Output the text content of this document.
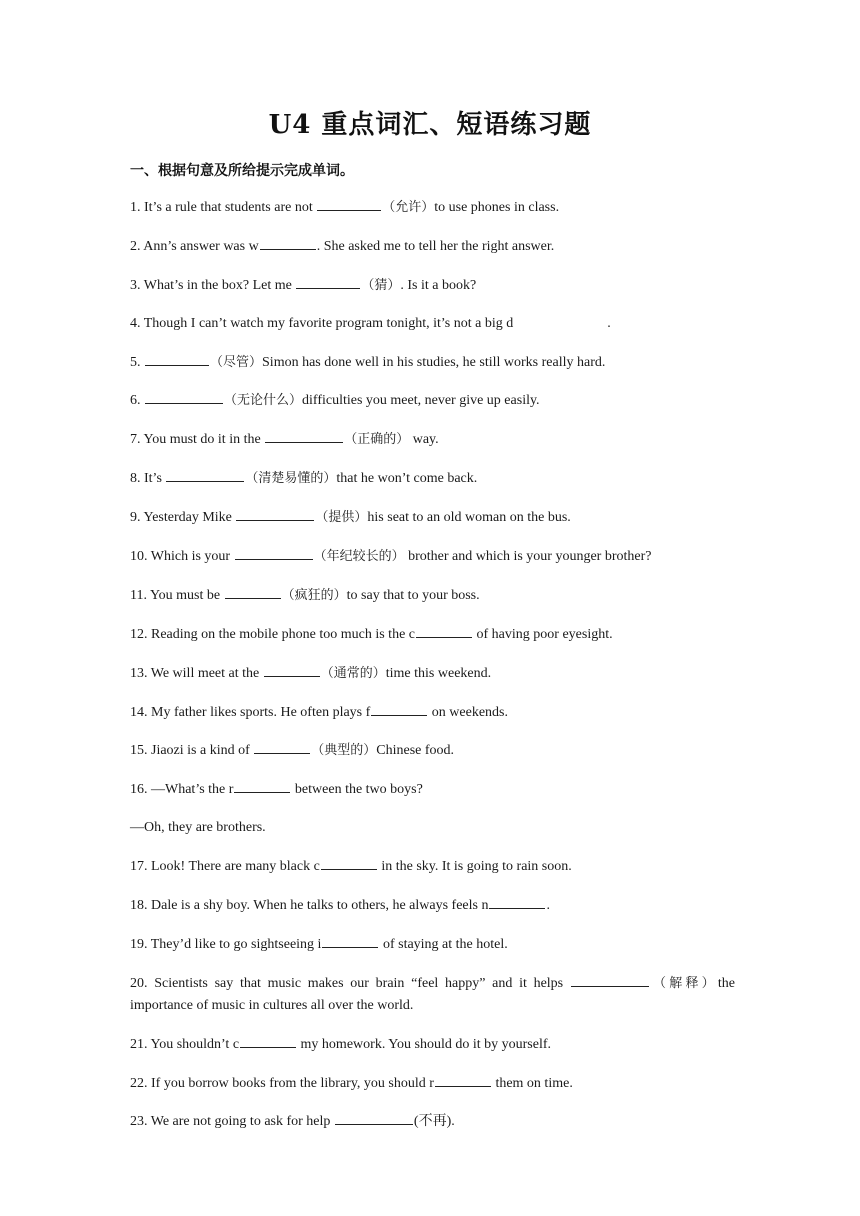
U4 重点词汇、短语练习题
一、根据句意及所给提示完成单词。
1. It’s a rule that students are not	（允许）to use phones in class.
2. Ann’s answer was w	. She asked me to tell her the right answer.
3. What’s in the box? Let me	（猜）. Is it a book?
4. Though I can’t watch my favorite program tonight, it’s not a big d	.
5.	（尽管）Simon has done well in his studies, he still works really hard.
6.	（无论什么）difficulties you meet, never give up easily.
7. You must do it in the	（正确的） way.
8. It’s	（清楚易懂的）that he won’t come back.
9. Yesterday Mike	（提供）his seat to an old woman on the bus.
10. Which is your	（年纪较长的） brother and which is your younger brother?
11. You must be	（疯狂的）to say that to your boss.
12. Reading on the mobile phone too much is the c	of having poor eyesight.
13. We will meet at the	（通常的）time this weekend.
14. My father likes sports. He often plays f	on weekends.
15. Jiaozi is a kind of	（典型的）Chinese food.
16. —What’s the r	between the two boys?
—Oh, they are brothers.
17. Look! There are many black c	in the sky. It is going to rain soon.
18. Dale is a shy boy. When he talks to others, he always feels n	.
19. They’d like to go sightseeing i	of staying at the hotel.
20. Scientists say that music makes our brain “feel happy” and it helps	（解释）the importance of music in cultures all over the world.
21. You shouldn’t c	my homework. You should do it by yourself.
22. If you borrow books from the library, you should r	them on time.
23. We are not going to ask for help	(不再).
